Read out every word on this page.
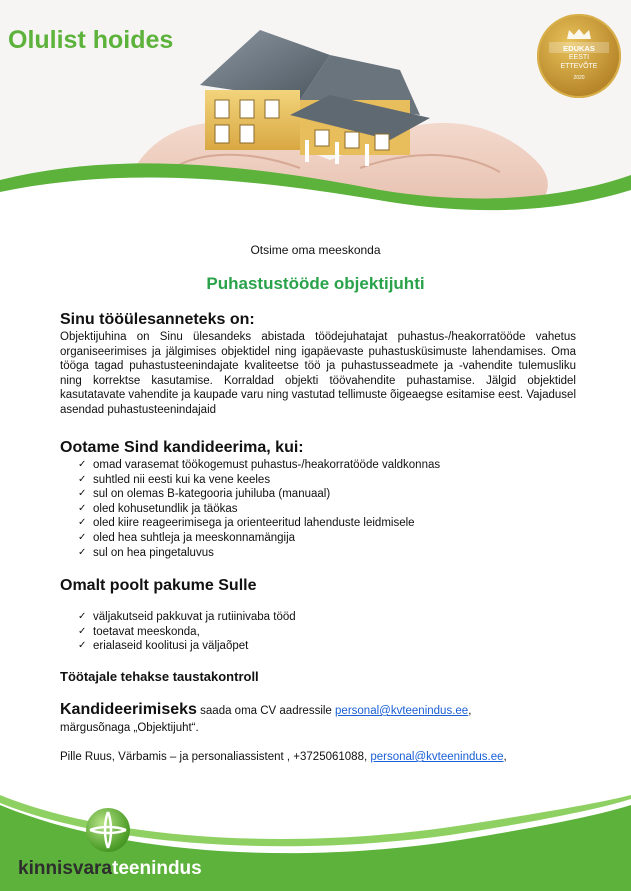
Olulist hoides	EDUKAS
EESTI
ETTEVÕTE
2020
Otsime oma meeskonda
Puhastustööde objektijuhti
Sinu tööülesanneteks on:
Objektijuhina on Sinu ülesandeks abistada töödejuhatajat puhastus-/heakorratööde vahetus organiseerimises ja jälgimises objektidel ning igapäevaste puhastusküsimuste lahendamises. Oma tööga tagad puhastusteenindajate kvaliteetse töö ja puhastusseadmete ja -vahendite tulemusliku ning korrektse kasutamise. Korraldad objekti töövahendite puhastamise. Jälgid objektidel kasutatavate vahendite ja kaupade varu ning vastutad tellimuste õigeaegse esitamise eest. Vajadusel asendad puhastusteenindajaid
Ootame Sind kandideerima, kui:
✓ omad varasemat töökogemust puhastus-/heakorratööde valdkonnas
✓ suhtled nii eesti kui ka vene keeles
✓ sul on olemas B-kategooria juhiluba (manuaal)
✓ oled kohusetundlik ja täökas
✓ oled kiire reageerimisega ja orienteeritud lahenduste leidmisele
✓ oled hea suhtleja ja meeskonnamängija
✓ sul on hea pingetaluvus
Omalt poolt pakume Sulle
✓ väljakutseid pakkuvat ja rutiinivaba tööd
✓ toetavat meeskonda,
✓ erialaseid koolitusi ja väljaõpet
Töötajale tehakse taustakontroll
Kandideerimiseks saada oma CV aadressile personal@kvteenindus.ee,
märgusõnaga „Objektijuht“.
Pille Ruus, Värbamis – ja personaliassistent , +3725061088, personal@kvteenindus.ee,
kinnisvarateenindus
